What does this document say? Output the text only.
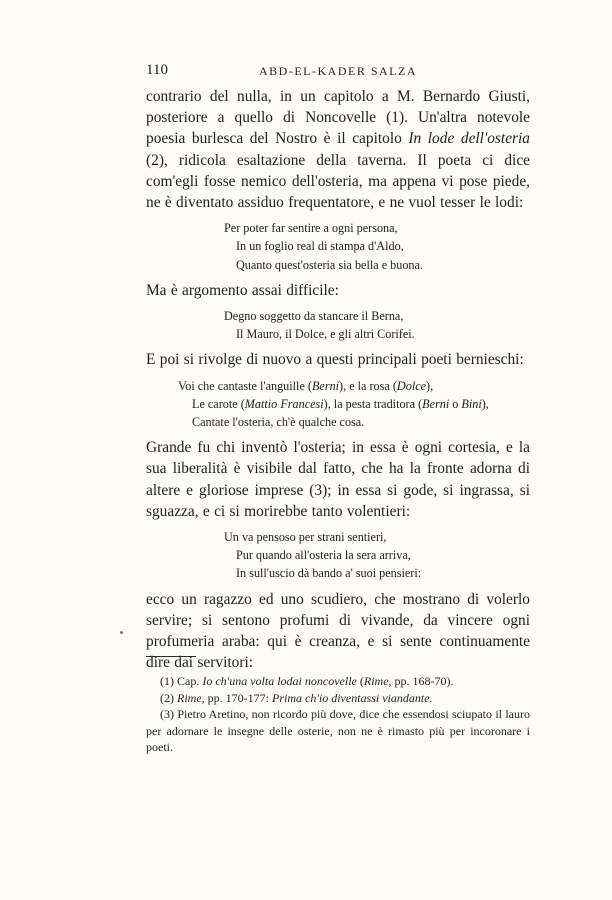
110	ABD-EL-KADER SALZA

contrario del nulla, in un capitolo a M. Bernardo Giusti, posteriore a quello di Noncovelle (1). Un'altra notevole poesia burlesca del Nostro è il capitolo In lode dell'osteria (2), ridicola esaltazione della taverna. Il poeta ci dice com'egli fosse nemico dell'osteria, ma appena vi pose piede, ne è diventato assiduo frequentatore, e ne vuol tesser le lodi:

Per poter far sentire a ogni persona,
In un foglio real di stampa d'Aldo,
Quanto quest'osteria sia bella e buona.

Ma è argomento assai difficile:

Degno soggetto da stancare il Berna,
Il Mauro, il Dolce, e gli altri Corifei.

E poi si rivolge di nuovo a questi principali poeti bernieschi:

Voi che cantaste l'anguille (Berni), e la rosa (Dolce),
Le carote (Mattio Francesi), la pesta traditora (Berni o Bini),
Cantate l'osteria, ch'è qualche cosa.

Grande fu chi inventò l'osteria; in essa è ogni cortesia, e la sua liberalità è visibile dal fatto, che ha la fronte adorna di altere e gloriose imprese (3); in essa si gode, si ingrassa, si sguazza, e ci si morirebbe tanto volentieri:

Un va pensoso per strani sentieri,
Pur quando all'osteria la sera arriva,
In sull'uscio dà bando a' suoi pensieri:

ecco un ragazzo ed uno scudiero, che mostrano di volerlo servire; si sentono profumi di vivande, da vincere ogni profumeria araba: qui è creanza, e si sente continuamente dire dai servitori:

(1) Cap. Io ch'una volta lodai noncovelle (Rime, pp. 168-70).

(2) Rime, pp. 170-177: Prima ch'io diventassi viandante.

(3) Pietro Aretino, non ricordo più dove, dice che essendosi sciupato il lauro per adornare le insegne delle osterie, non ne è rimasto più per incoronare i poeti.
